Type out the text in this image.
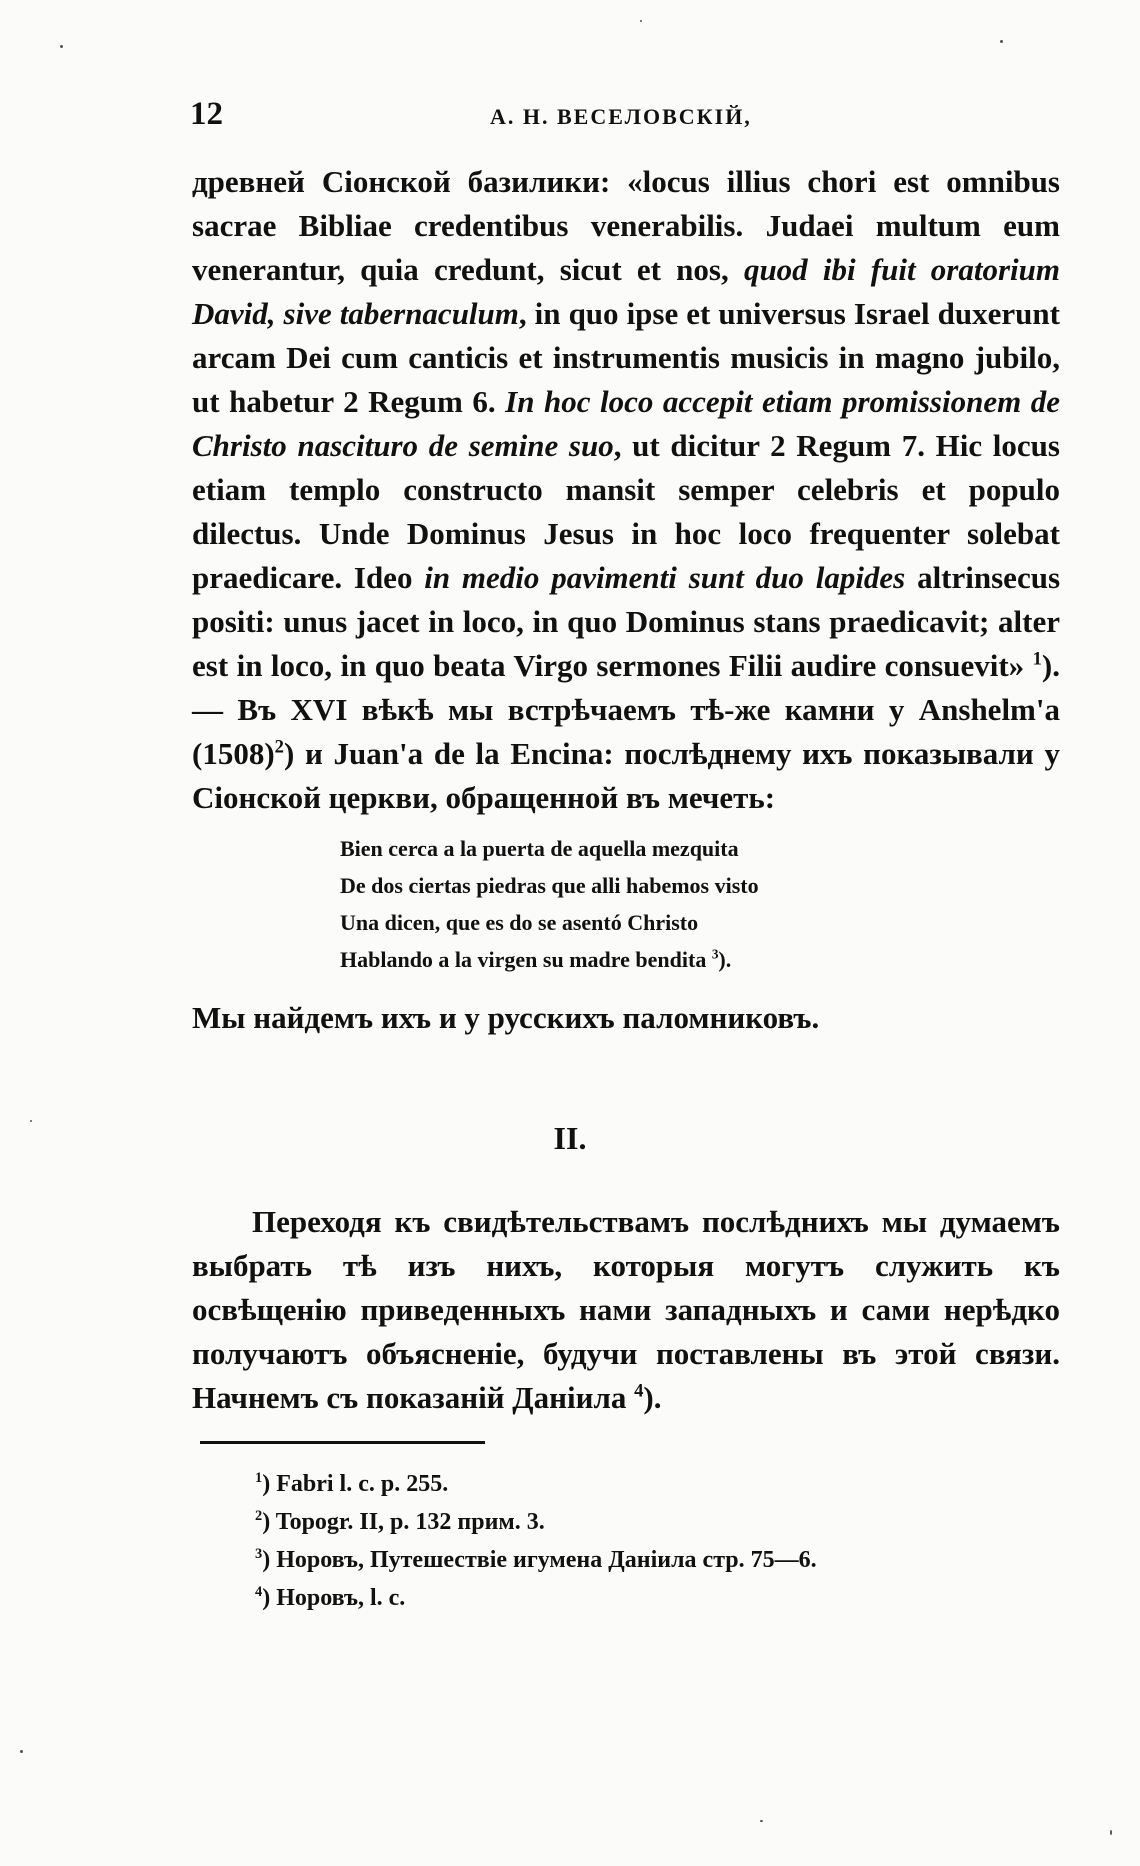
12	А. Н. ВЕСЕЛОВСКІЙ,

древней Сіонской базилики: «locus illius chori est omnibus sacrae Bibliae credentibus venerabilis. Judaei multum eum venerantur, quia credunt, sicut et nos, quod ibi fuit oratorium David, sive tabernaculum, in quo ipse et universus Israel duxerunt arcam Dei cum canticis et instrumentis musicis in magno jubilo, ut habetur 2 Regum 6. In hoc loco accepit etiam promissionem de Christo nasciturо de semine suo, ut dicitur 2 Regum 7. Hic locus etiam templo constructo mansit semper celebris et populo dilectus. Unde Dominus Jesus in hoc loco frequenter solebat praedicare. Ideo in medio pavimenti sunt duo lapides altrinsecus positi: unus jacet in loco, in quo Dominus stans praedicavit; alter est in loco, in quo beata Virgo sermones Filii audire consuevit» $^1$). — Въ XVI вѣкѣ мы встрѣчаемъ тѣ-же камни у Anshelm'a $(1508)^2$) и Juan'a de la Encina: послѣднему ихъ показывали у Сіонской церкви, обращенной въ мечеть:

Bien cerca a la puerta de aquella mezquita
De dos ciertas piedras que alli habemos visto
Una dicen, que es do se asentó Christo
Hablando a la virgen su madre bendita $^3$).
Мы найдемъ ихъ и у русскихъ паломниковъ.
II.

Переходя къ свидѣтельствамъ послѣднихъ мы думаемъ выбрать тѣ изъ нихъ, которыя могутъ служить къ освѣщенію приведенныхъ нами западныхъ и сами нерѣдко получаютъ объясненіе, будучи поставлены въ этой связи. Начнемъ съ показаній Даніила $^4$).

$^1$) Fabri l. c. p. 255.
$^2$) Topogr. II, p. 132 прим. 3.
$^3$) Норовъ, Путешествіе игумена Даніила стр. 75—6.
$^4$) Норовъ, l. c.
